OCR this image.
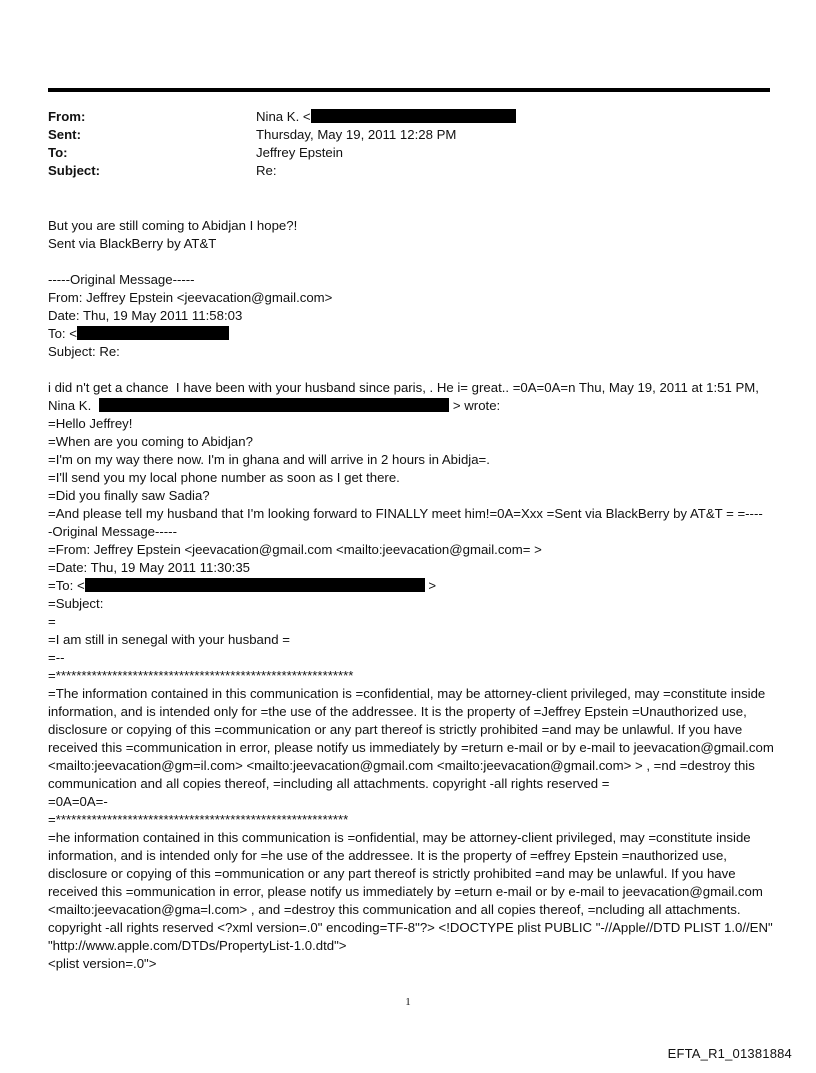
From:	Nina K. <
Sent:	Thursday, May 19, 2011 12:28 PM
To:	Jeffrey Epstein
Subject:	Re:
But you are still coming to Abidjan I hope?!
Sent via BlackBerry by AT&T
-----Original Message-----
From: Jeffrey Epstein <jeevacation@gmail.com>
Date: Thu, 19 May 2011 11:58:03
To: <
Subject: Re:
i did n't get a chance  I have been with your husband since paris, . He i= great.. =0A=0A=n Thu, May 19, 2011 at 1:51 PM,
Nina K.	> wrote:
=Hello Jeffrey!
=When are you coming to Abidjan?
=I'm on my way there now. I'm in ghana and will arrive in 2 hours in Abidja=.
=I'll send you my local phone number as soon as I get there.
=Did you finally saw Sadia?
=And please tell my husband that I'm looking forward to FINALLY meet him!=0A=Xxx =Sent via BlackBerry by AT&T = =----
-Original Message-----
=From: Jeffrey Epstein <jeevacation@gmail.com <mailto:jeevacation@gmail.com= >
=Date: Thu, 19 May 2011 11:30:35
=To: <	>
=Subject:
=
=I am still in senegal with your husband =
=--
=**********************************************************

=The information contained in this communication is =confidential, may be attorney-client privileged, may =constitute inside information, and is intended only for =the use of the addressee. It is the property of =Jeffrey Epstein =Unauthorized use, disclosure or copying of this =communication or any part thereof is strictly prohibited =and may be unlawful. If you have received this =communication in error, please notify us immediately by =return e-mail or by e-mail to jeevacation@gmail.com <mailto:jeevacation@gm=il.com> <mailto:jeevacation@gmail.com <mailto:jeevacation@gmail.com> > , =nd =destroy this communication and all copies thereof, =including all attachments. copyright -all rights reserved =

=0A=0A=-
=*********************************************************

=he information contained in this communication is =onfidential, may be attorney-client privileged, may =constitute inside information, and is intended only for =he use of the addressee. It is the property of =effrey Epstein =nauthorized use, disclosure or copying of this =ommunication or any part thereof is strictly prohibited =and may be unlawful. If you have received this =ommunication in error, please notify us immediately by =eturn e-mail or by e-mail to jeevacation@gmail.com <mailto:jeevacation@gma=l.com> , and =destroy this communication and all copies thereof, =ncluding all attachments. copyright -all rights reserved <?xml version=.0" encoding=TF-8"?> <!DOCTYPE plist PUBLIC "-//Apple//DTD PLIST 1.0//EN" "http://www.apple.com/DTDs/PropertyList-1.0.dtd">

<plist version=.0">
1
EFTA_R1_01381884
